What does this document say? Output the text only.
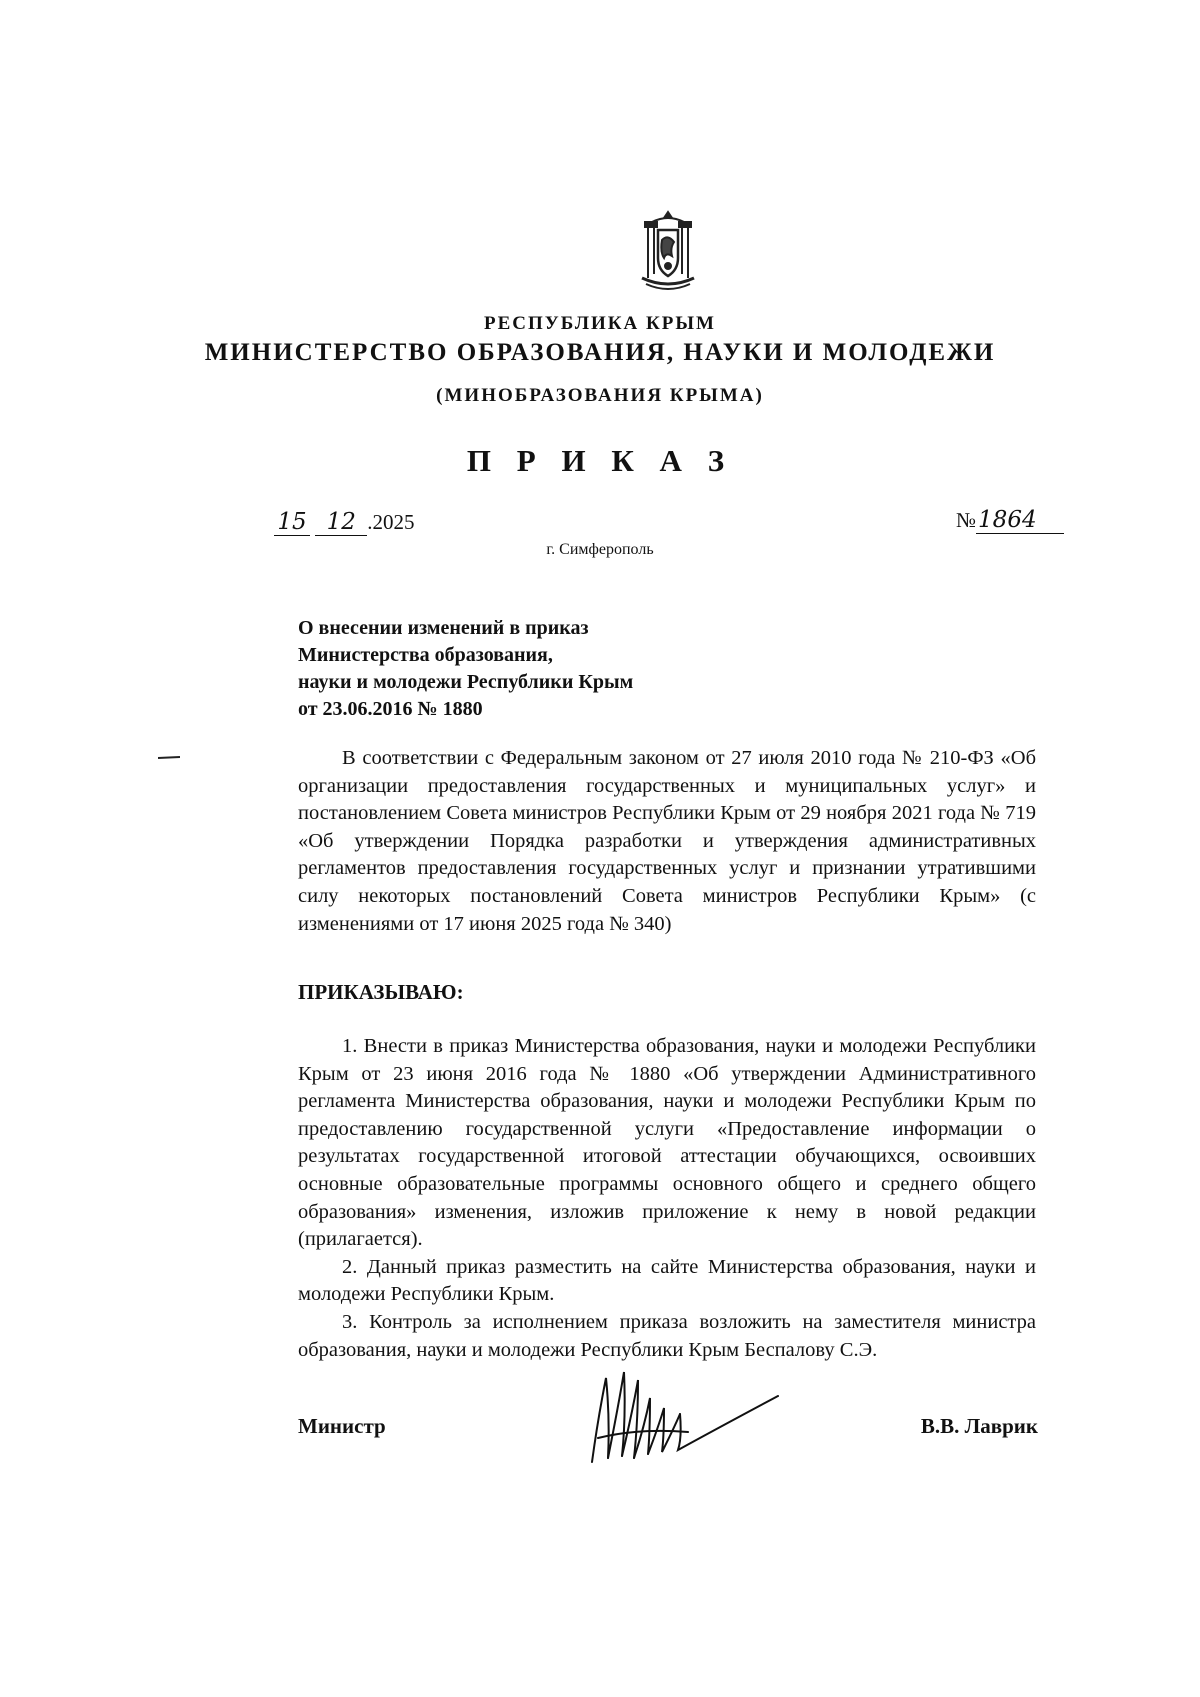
РЕСПУБЛИКА КРЫМ
МИНИСТЕРСТВО ОБРАЗОВАНИЯ, НАУКИ И МОЛОДЕЖИ
(МИНОБРАЗОВАНИЯ КРЫМА)
П Р И К А З
15 12 .2025	№1864
г. Симферополь
О внесении изменений в приказ
Министерства образования,
науки и молодежи Республики Крым
от 23.06.2016 № 1880

В соответствии с Федеральным законом от 27 июля 2010 года № 210-ФЗ «Об организации предоставления государственных и муниципальных услуг» и постановлением Совета министров Республики Крым от 29 ноября 2021 года № 719 «Об утверждении Порядка разработки и утверждения административных регламентов предоставления государственных услуг и признании утратившими силу некоторых постановлений Совета министров Республики Крым» (с изменениями от 17 июня 2025 года № 340)

ПРИКАЗЫВАЮ:

1. Внести в приказ Министерства образования, науки и молодежи Республики Крым от 23 июня 2016 года № 1880 «Об утверждении Административного регламента Министерства образования, науки и молодежи Республики Крым по предоставлению государственной услуги «Предоставление информации о результатах государственной итоговой аттестации обучающихся, освоивших основные образовательные программы основного общего и среднего общего образования» изменения, изложив приложение к нему в новой редакции (прилагается).

2. Данный приказ разместить на сайте Министерства образования, науки и молодежи Республики Крым.

3. Контроль за исполнением приказа возложить на заместителя министра образования, науки и молодежи Республики Крым Беспалову С.Э.

Министр	В.В. Лаврик
